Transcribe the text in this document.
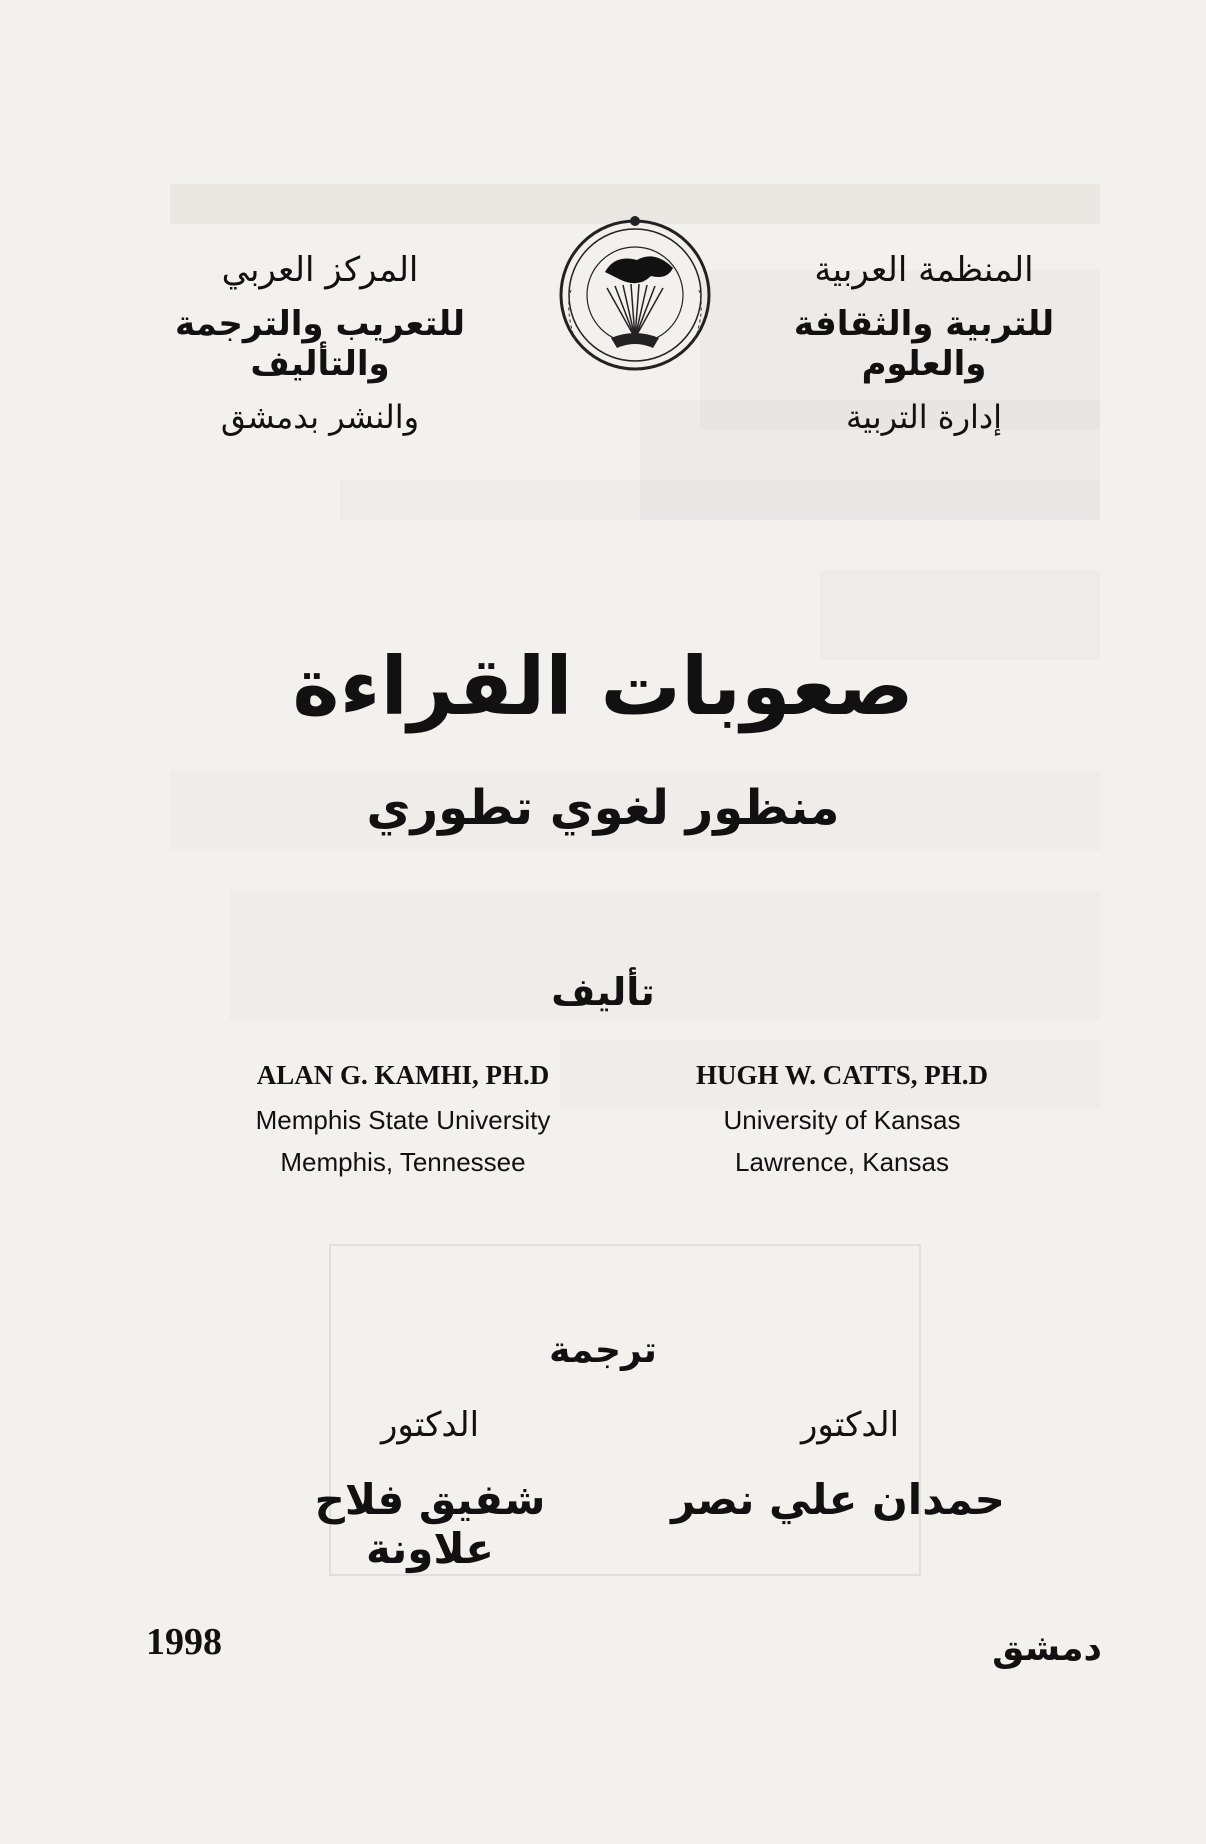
المنظمة العربية
للتربية والثقافة والعلوم
إدارة التربية
المركز العربي
للتعريب والترجمة والتأليف
والنشر بدمشق
صعوبات القراءة
منظور لغوي تطوري
تأليف
ALAN G. KAMHI, PH.D
Memphis State University
Memphis, Tennessee
HUGH W. CATTS, PH.D
University of Kansas
Lawrence, Kansas
ترجمة
الدكتور
الدكتور
حمدان علي نصر
شفيق فلاح علاونة
1998	دمشق
